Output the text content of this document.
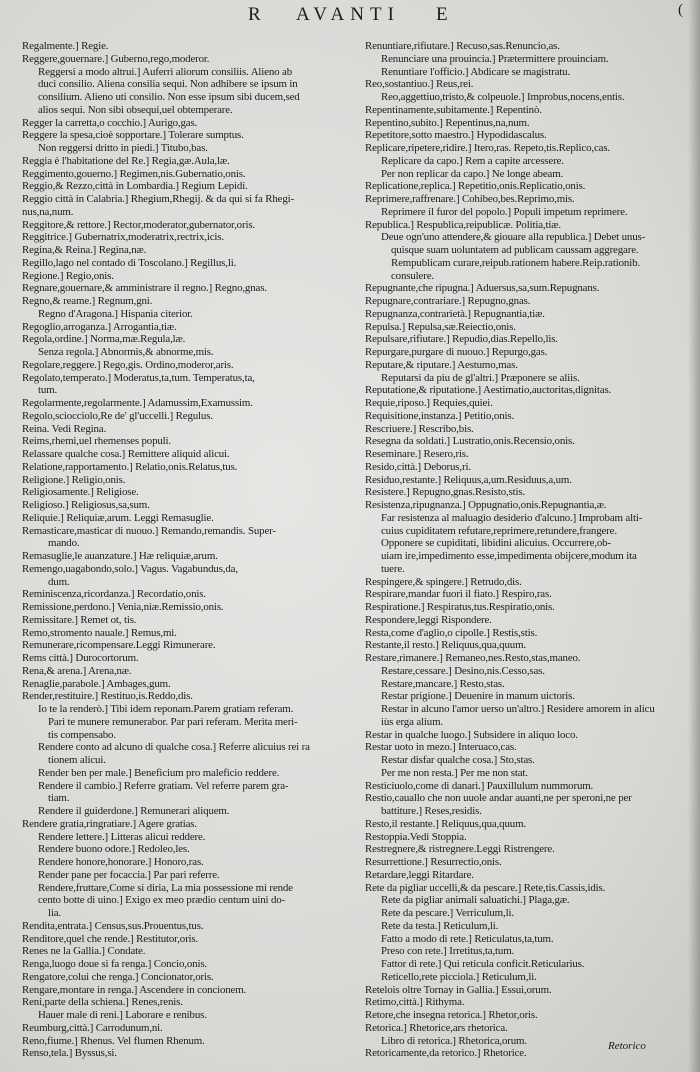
R AVANTI E	(
Regalmente.] Regie.
Reggere,gouernare.] Guberno,rego,moderor.
Reggersi a modo altrui.] Auferri aliorum consiliis. Alieno ab
duci consilio. Aliena consilia sequi. Non adhibere se ipsum in
consilium. Alieno uti consilio. Non esse ipsum sibi ducem,sed
alios sequi. Non sibi obsequi,uel obtemperare.
Regger la carretta,o cocchio.] Aurigo,gas.
Reggere la spesa,cioè sopportare.] Tolerare sumptus.
Non reggersi dritto in piedi.] Titubo,bas.
Reggia è l'habitatione del Re.] Regia,gæ.Aula,læ.
Reggimento,gouerno.] Regimen,nis.Gubernatio,onis.
Reggio,& Rezzo,città in Lombardia.] Regium Lepidi.
Reggio città in Calabria.] Rhegium,Rhegij. & da qui si fa Rhegi-
nus,na,num.
Reggitore,& rettore.] Rector,moderator,gubernator,oris.
Reggitrice.] Gubernatrix,moderatrix,rectrix,icis.
Regina,& Reina.] Regina,næ.
Regillo,lago nel contado di Toscolano.] Regillus,li.
Regione.] Regio,onis.
Regnare,gouernare,& amministrare il regno.] Regno,gnas.
Regno,& reame.] Regnum,gni.
Regno d'Aragona.] Hispania citerior.
Regoglio,arroganza.] Arrogantia,tiæ.
Regola,ordine.] Norma,mæ.Regula,læ.
Senza regola.] Abnormis,& abnorme,mis.
Regolare,reggere.] Rego,gis. Ordino,moderor,aris.
Regolato,temperato.] Moderatus,ta,tum. Temperatus,ta,
tum.
Regolarmente,regolarmente.] Adamussim,Examussim.
Regolo,sciocciolo,Re de' gl'uccelli.] Regulus.
Reina. Vedi Regina.
Reims,rhemi,uel rhemenses populi.
Relassare qualche cosa.] Remittere aliquid alicui.
Relatione,rapportamento.] Relatio,onis.Relatus,tus.
Religione.] Religio,onis.
Religiosamente.] Religiose.
Religioso.] Religiosus,sa,sum.
Reliquie.] Reliquiæ,arum. Leggi Remasuglie.
Remasticare,masticar di nuouo.] Remando,remandis. Super-
mando.
Remasuglie,le auanzature.] Hæ reliquiæ,arum.
Remengo,uagabondo,solo.] Vagus. Vagabundus,da,
dum.
Reminiscenza,ricordanza.] Recordatio,onis.
Remissione,perdono.] Venia,niæ.Remissio,onis.
Remissitare.] Remet ot, tis.
Remo,stromento nauale.] Remus,mi.
Remunerare,ricompensare.Leggi Rimunerare.
Rems città.] Durocortorum.
Rena,& arena.] Arena,næ.
Renaglie,parabole.] Ambages,gum.
Render,restituire.] Restituo,is.Reddo,dis.
Io te la renderò.] Tibi idem reponam.Parem gratiam referam.
Pari te munere remunerabor. Par pari referam. Merita meri-
tis compensabo.
Rendere conto ad alcuno di qualche cosa.] Referre alicuius rei ra
tionem alicui.
Render ben per male.] Beneficium pro maleficio reddere.
Rendere il cambio.] Referre gratiam. Vel referre parem gra-
tiam.
Rendere il guiderdone.] Remunerari aliquem.
Rendere gratia,ringratiare.] Agere gratias.
Rendere lettere.] Litteras alicui reddere.
Rendere buono odore.] Redoleo,les.
Rendere honore,honorare.] Honoro,ras.
Render pane per focaccia.] Par pari referre.
Rendere,fruttare,Come si diria, La mia possessione mi rende
cento botte di uino.] Exigo ex meo prædio centum uini do-
lia.
Rendita,entrata.] Census,sus.Prouentus,tus.
Renditore,quel che rende.] Restitutor,oris.
Renes ne la Gallia.] Condate.
Renga,luogo doue si fa renga.] Concio,onis.
Rengatore,colui che renga.] Concionator,oris.
Rengare,montare in renga.] Ascendere in concionem.
Reni,parte della schiena.] Renes,renis.
Hauer male di reni.] Laborare e renibus.
Reumburg,città.] Carrodunum,ni.
Reno,fiume.] Rhenus. Vel flumen Rhenum.
Renso,tela.] Byssus,si.
Renuntiare,rifiutare.] Recuso,sas.Renuncio,as.
Renunciare una prouincia.] Prætermittere prouinciam.
Renuntiare l'officio.] Abdicare se magistratu.
Reo,sostantiuo.] Reus,rei.
Reo,aggettiuo,tristo,& colpeuole.] Improbus,nocens,entis.
Repentinamente,subitamente.] Repentinò.
Repentino,subito.] Repentinus,na,num.
Repetitore,sotto maestro.] Hypodidascalus.
Replicare,ripetere,ridire.] Itero,ras. Repeto,tis.Replico,cas.
Replicare da capo.] Rem a capite arcessere.
Per non replicar da capo.] Ne longe abeam.
Replicatione,replica.] Repetitio,onis.Replicatio,onis.
Reprimere,raffrenare.] Cohibeo,bes.Reprimo,mis.
Reprimere il furor del popolo.] Populi impetum reprimere.
Republica.] Respublica,reipublicæ. Politia,tiæ.
Deue ogn'uno attendere,& giouare alla republica.] Debet unus-
quisque suam uoluntatem ad publicam caussam aggregare.
Rempublicam curare,reipub.rationem habere.Reip.rationib.
consulere.
Repugnante,che ripugna.] Aduersus,sa,sum.Repugnans.
Repugnare,contrariare.] Repugno,gnas.
Repugnanza,contrarietà.] Repugnantia,tiæ.
Repulsa.] Repulsa,sæ.Reiectio,onis.
Repulsare,rifiutare.] Repudio,dias.Repello,lis.
Repurgare,purgare di nuouo.] Repurgo,gas.
Reputare,& riputare.] Aestumo,mas.
Reputarsi da piu de gl'altri.] Præponere se aliis.
Reputatione,& riputatione.] Aestimatio,auctoritas,dignitas.
Requie,riposo.] Requies,quiei.
Requisitione,instanza.] Petitio,onis.
Rescriuere.] Rescribo,bis.
Resegna da soldati.] Lustratio,onis.Recensio,onis.
Reseminare.] Resero,ris.
Resido,città.] Deborus,ri.
Residuo,restante.] Reliquus,a,um.Residuus,a,um.
Resistere.] Repugno,gnas.Resisto,stis.
Resistenza,ripugnanza.] Oppugnatio,onis.Repugnantia,æ.
Far resistenza al maluagio desiderio d'alcuno.] Improbam alti-
cuius cupiditatem refutare,reprimere,retundere,frangere.
Opponere se cupiditati, libidini alicuius. Occurrere,ob-
uiam ire,impedimento esse,impedimenta obijcere,modum ita
tuere.
Respingere,& spingere.] Retrudo,dis.
Respirare,mandar fuori il fiato.] Respiro,ras.
Respiratione.] Respiratus,tus.Respiratio,onis.
Respondere,leggi Rispondere.
Resta,come d'aglio,o cipolle.] Restis,stis.
Restante,il resto.] Reliquus,qua,quum.
Restare,rimanere.] Remaneo,nes.Resto,stas,maneo.
Restare,cessare.] Desino,nis.Cesso,sas.
Restare,mancare.] Resto,stas.
Restar prigione.] Deuenire in manum uictoris.
Restar in alcuno l'amor uerso un'altro.] Residere amorem in alicu
iùs erga alium.
Restar in qualche luogo.] Subsidere in aliquo loco.
Restar uoto in mezo.] Interuaco,cas.
Restar disfar qualche cosa.] Sto,stas.
Per me non resta.] Per me non stat.
Resticiuolo,come di danari.] Pauxillulum nummorum.
Restio,cauallo che non uuole andar auanti,ne per speroni,ne per
battiture.] Reses,residis.
Resto,il restante.] Reliquus,qua,quum.
Restoppia.Vedi Stoppia.
Restregnere,& ristregnere.Leggi Ristrengere.
Resurrettione.] Resurrectio,onis.
Retardare,leggi Ritardare.
Rete da pigliar uccelli,& da pescare.] Rete,tis.Cassis,idis.
Rete da pigliar animali saluatichi.] Plaga,gæ.
Rete da pescare.] Verriculum,li.
Rete da testa.] Reticulum,li.
Fatto a modo di rete.] Reticulatus,ta,tum.
Preso con rete.] Irretitus,ta,tum.
Fattor di rete.] Qui reticula conficit.Reticularius.
Reticello,rete picciola.] Reticulum,li.
Retelois oltre Tornay in Gallia.] Essui,orum.
Retimo,città.] Rithyma.
Retore,che insegna retorica.] Rhetor,oris.
Retorica.] Rhetorice,ars rhetorica.
Libro di retorica.] Rhetorica,orum.
Retoricamente,da retorico.] Rhetorice.
Retorico
